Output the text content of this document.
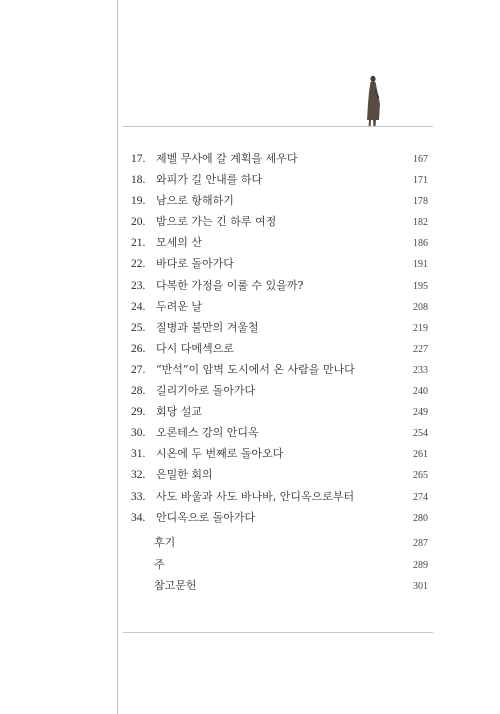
17. 제벨 무사에 갈 계획을 세우다	167
18. 와피가 길 안내를 하다	171
19. 남으로 항해하기	178
20. 밤으로 가는 긴 하루 여정	182
21. 모세의 산	186
22. 바다로 돌아가다	191
23. 다복한 가정을 이룰 수 있을까?	195
24. 두려운 날	208
25. 질병과 불만의 겨울철	219
26. 다시 다메섹으로	227
27. “반석”이 암벽 도시에서 온 사람을 만나다	233
28. 길리기아로 돌아가다	240
29. 회당 설교	249
30. 오론테스 강의 안디옥	254
31. 시온에 두 번째로 돌아오다	261
32. 은밀한 회의	265
33. 사도 바울과 사도 바나바, 안디옥으로부터	274
34. 안디옥으로 돌아가다	280
후기	287
주	289
참고문헌	301
